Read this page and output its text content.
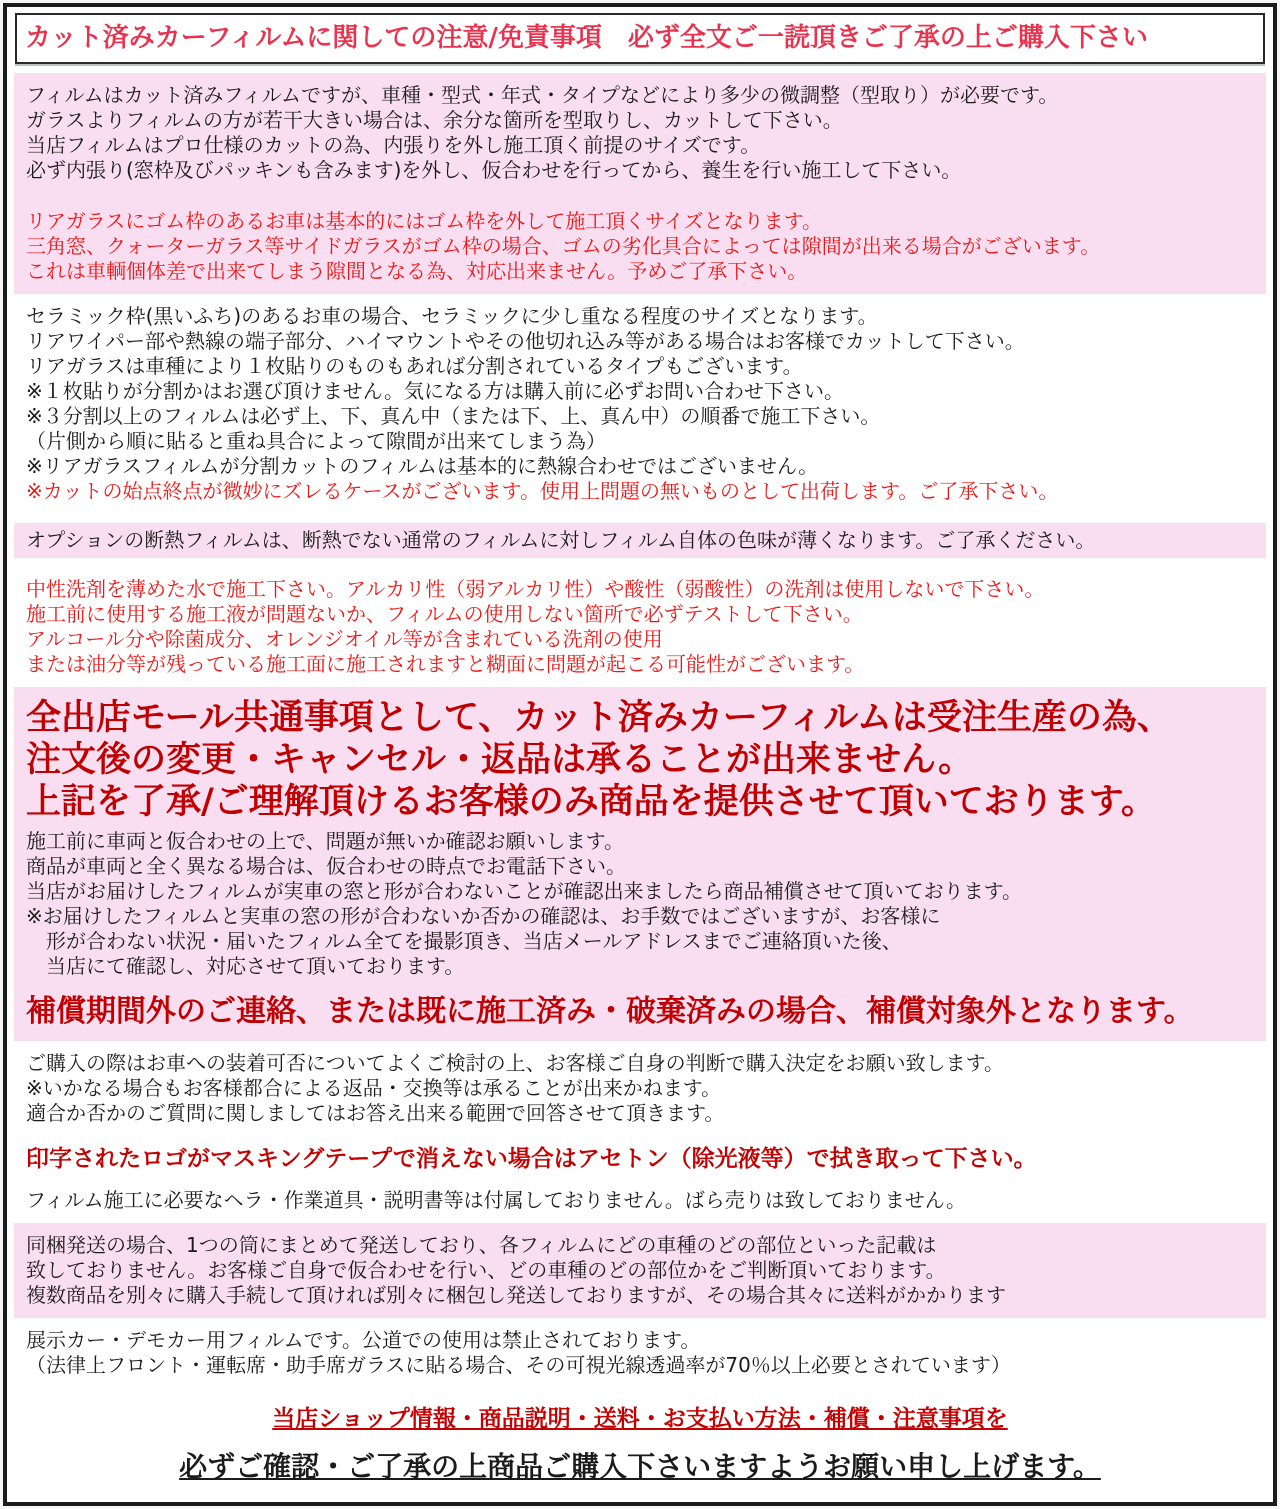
カット済みカーフィルムに関しての注意/免責事項　必ず全文ご一読頂きご了承の上ご購入下さい
フィルムはカット済みフィルムですが、車種・型式・年式・タイプなどにより多少の微調整（型取り）が必要です。
ガラスよりフィルムの方が若干大きい場合は、余分な箇所を型取りし、カットして下さい。
当店フィルムはプロ仕様のカットの為、内張りを外し施工頂く前提のサイズです。
必ず内張り(窓枠及びパッキンも含みます)を外し、仮合わせを行ってから、養生を行い施工して下さい。
リアガラスにゴム枠のあるお車は基本的にはゴム枠を外して施工頂くサイズとなります。
三角窓、クォーターガラス等サイドガラスがゴム枠の場合、ゴムの劣化具合によっては隙間が出来る場合がございます。
これは車輌個体差で出来てしまう隙間となる為、対応出来ません。予めご了承下さい。
セラミック枠(黒いふち)のあるお車の場合、セラミックに少し重なる程度のサイズとなります。
リアワイパー部や熱線の端子部分、ハイマウントやその他切れ込み等がある場合はお客様でカットして下さい。
リアガラスは車種により１枚貼りのものもあれば分割されているタイプもございます。
※１枚貼りが分割かはお選び頂けません。気になる方は購入前に必ずお問い合わせ下さい。
※３分割以上のフィルムは必ず上、下、真ん中（または下、上、真ん中）の順番で施工下さい。
（片側から順に貼ると重ね具合によって隙間が出来てしまう為）
※リアガラスフィルムが分割カットのフィルムは基本的に熱線合わせではございません。
※カットの始点終点が微妙にズレるケースがございます。使用上問題の無いものとして出荷します。ご了承下さい。
オプションの断熱フィルムは、断熱でない通常のフィルムに対しフィルム自体の色味が薄くなります。ご了承ください。
中性洗剤を薄めた水で施工下さい。アルカリ性（弱アルカリ性）や酸性（弱酸性）の洗剤は使用しないで下さい。
施工前に使用する施工液が問題ないか、フィルムの使用しない箇所で必ずテストして下さい。
アルコール分や除菌成分、オレンジオイル等が含まれている洗剤の使用
または油分等が残っている施工面に施工されますと糊面に問題が起こる可能性がございます。
全出店モール共通事項として、カット済みカーフィルムは受注生産の為、
注文後の変更・キャンセル・返品は承ることが出来ません。
上記を了承/ご理解頂けるお客様のみ商品を提供させて頂いております。
施工前に車両と仮合わせの上で、問題が無いか確認お願いします。
商品が車両と全く異なる場合は、仮合わせの時点でお電話下さい。
当店がお届けしたフィルムが実車の窓と形が合わないことが確認出来ましたら商品補償させて頂いております。
※お届けしたフィルムと実車の窓の形が合わないか否かの確認は、お手数ではございますが、お客様に
　形が合わない状況・届いたフィルム全てを撮影頂き、当店メールアドレスまでご連絡頂いた後、
　当店にて確認し、対応させて頂いております。
補償期間外のご連絡、または既に施工済み・破棄済みの場合、補償対象外となります。
ご購入の際はお車への装着可否についてよくご検討の上、お客様ご自身の判断で購入決定をお願い致します。
※いかなる場合もお客様都合による返品・交換等は承ることが出来かねます。
適合か否かのご質問に関しましてはお答え出来る範囲で回答させて頂きます。
印字されたロゴがマスキングテープで消えない場合はアセトン（除光液等）で拭き取って下さい。
フィルム施工に必要なヘラ・作業道具・説明書等は付属しておりません。ばら売りは致しておりません。
同梱発送の場合、1つの筒にまとめて発送しており、各フィルムにどの車種のどの部位といった記載は
致しておりません。お客様ご自身で仮合わせを行い、どの車種のどの部位かをご判断頂いております。
複数商品を別々に購入手続して頂ければ別々に梱包し発送しておりますが、その場合其々に送料がかかります
展示カー・デモカー用フィルムです。公道での使用は禁止されております。
（法律上フロント・運転席・助手席ガラスに貼る場合、その可視光線透過率が70％以上必要とされています）
当店ショップ情報・商品説明・送料・お支払い方法・補償・注意事項を
必ずご確認・ご了承の上商品ご購入下さいますようお願い申し上げます。
